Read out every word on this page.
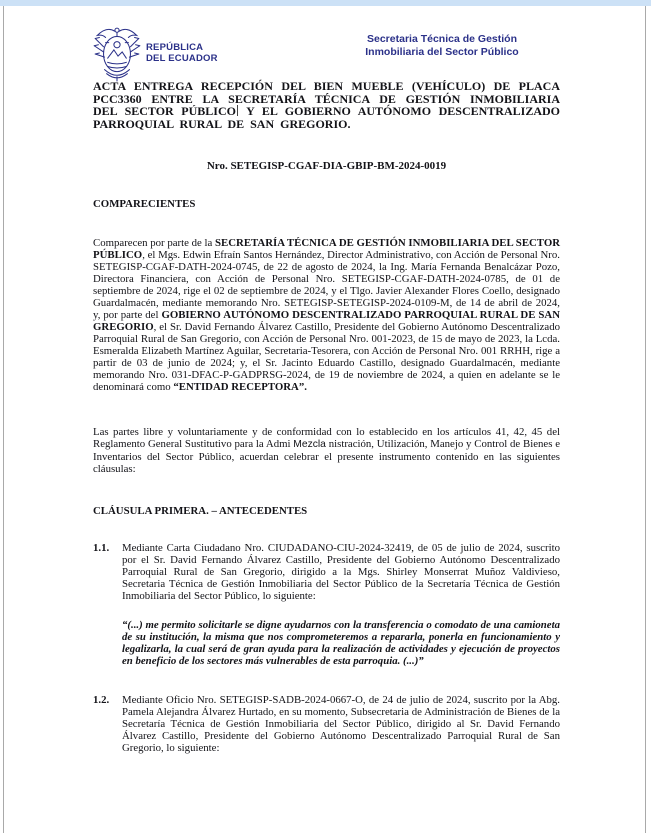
REPÚBLICA
DEL ECUADOR
Secretaria Técnica de Gestión
Inmobiliaria del Sector Público

ACTA ENTREGA RECEPCIÓN DEL BIEN MUEBLE (VEHÍCULO) DE PLACA PCC3360 ENTRE LA SECRETARÍA TÉCNICA DE GESTIÓN INMOBILIARIA DEL SECTOR PÚBLICO Y EL GOBIERNO AUTÓNOMO DESCENTRALIZADO PARROQUIAL RURAL DE SAN GREGORIO.

Nro. SETEGISP-CGAF-DIA-GBIP-BM-2024-0019

COMPARECIENTES

Comparecen por parte de la SECRETARÍA TÉCNICA DE GESTIÓN INMOBILIARIA DEL SECTOR PÚBLICO, el Mgs. Edwin Efraín Santos Hernández, Director Administrativo, con Acción de Personal Nro. SETEGISP-CGAF-DATH-2024-0745, de 22 de agosto de 2024, la Ing. María Fernanda Benalcázar Pozo, Directora Financiera, con Acción de Personal Nro. SETEGISP-CGAF-DATH-2024-0785, de 01 de septiembre de 2024, rige el 02 de septiembre de 2024, y el Tlgo. Javier Alexander Flores Coello, designado Guardalmacén, mediante memorando Nro. SETEGISP-SETEGISP-2024-0109-M, de 14 de abril de 2024, y, por parte del GOBIERNO AUTÓNOMO DESCENTRALIZADO PARROQUIAL RURAL DE SAN GREGORIO, el Sr. David Fernando Álvarez Castillo, Presidente del Gobierno Autónomo Descentralizado Parroquial Rural de San Gregorio, con Acción de Personal Nro. 001-2023, de 15 de mayo de 2023, la Lcda. Esmeralda Elizabeth Martínez Aguilar, Secretaria-Tesorera, con Acción de Personal Nro. 001 RRHH, rige a partir de 03 de junio de 2024; y, el Sr. Jacinto Eduardo Castillo, designado Guardalmacén, mediante memorando Nro. 031-DFAC-P-GADPRSG-2024, de 19 de noviembre de 2024, a quien en adelante se le denominará como “ENTIDAD RECEPTORA”.

Las partes libre y voluntariamente y de conformidad con lo establecido en los artículos 41, 42, 45 del Reglamento General Sustitutivo para la Admi Mezcla nistración, Utilización, Manejo y Control de Bienes e Inventarios del Sector Público, acuerdan celebrar el presente instrumento contenido en las siguientes cláusulas:

CLÁUSULA PRIMERA. – ANTECEDENTES

1.1.	Mediante Carta Ciudadano Nro. CIUDADANO-CIU-2024-32419, de 05 de julio de 2024, suscrito por el Sr. David Fernando Álvarez Castillo, Presidente del Gobierno Autónomo Descentralizado Parroquial Rural de San Gregorio, dirigido a la Mgs. Shirley Monserrat Muñoz Valdivieso, Secretaria Técnica de Gestión Inmobiliaria del Sector Público de la Secretaría Técnica de Gestión Inmobiliaria del Sector Público, lo siguiente:

“(...) me permito solicitarle se digne ayudarnos con la transferencia o comodato de una camioneta de su institución, la misma que nos comprometeremos a repararla, ponerla en funcionamiento y legalizarla, la cual será de gran ayuda para la realización de actividades y ejecución de proyectos en beneficio de los sectores más vulnerables de esta parroquia. (...)”

1.2.	Mediante Oficio Nro. SETEGISP-SADB-2024-0667-O, de 24 de julio de 2024, suscrito por la Abg. Pamela Alejandra Álvarez Hurtado, en su momento, Subsecretaria de Administración de Bienes de la Secretaría Técnica de Gestión Inmobiliaria del Sector Público, dirigido al Sr. David Fernando Álvarez Castillo, Presidente del Gobierno Autónomo Descentralizado Parroquial Rural de San Gregorio, lo siguiente:
